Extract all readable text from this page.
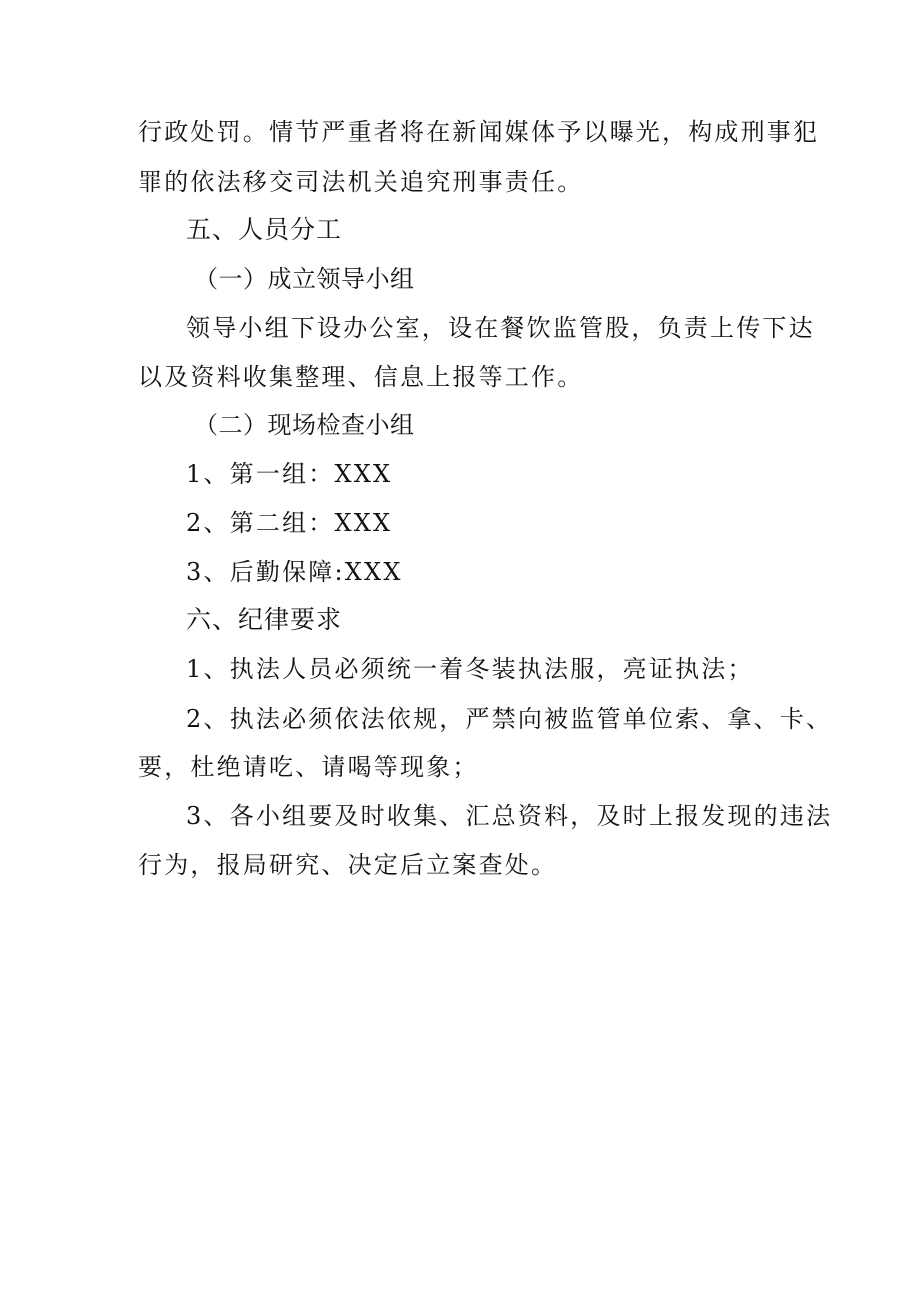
行政处罚。情节严重者将在新闻媒体予以曝光，构成刑事犯
罪的依法移交司法机关追究刑事责任。
五、人员分工
（一）成立领导小组
领导小组下设办公室，设在餐饮监管股，负责上传下达
以及资料收集整理、信息上报等工作。
（二）现场检查小组
1、第一组：XXX
2、第二组：XXX
3、后勤保障:XXX
六、纪律要求
1、执法人员必须统一着冬装执法服，亮证执法；
2、执法必须依法依规，严禁向被监管单位索、拿、卡、
要，杜绝请吃、请喝等现象；
3、各小组要及时收集、汇总资料，及时上报发现的违法
行为，报局研究、决定后立案查处。
